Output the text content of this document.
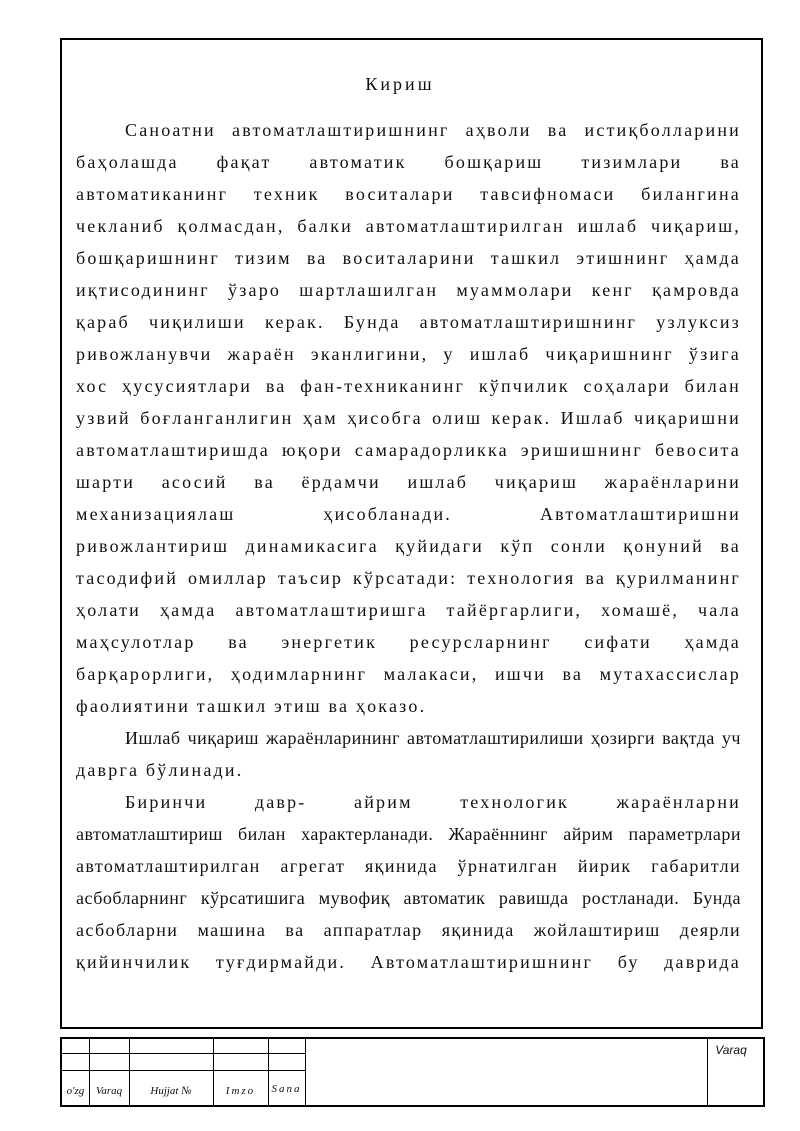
Кириш
Саноатни автоматлаштиришнинг аҳволи ва истиқболларини
баҳолашда фақат автоматик бошқариш тизимлари ва
автоматиканинг техник воситалари тавсифномаси билангина
чекланиб қолмасдан, балки автоматлаштирилган ишлаб чиқариш,
бошқаришнинг тизим ва воситаларини ташкил этишнинг ҳамда
иқтисодининг ўзаро шартлашилган муаммолари кенг қамровда
қараб чиқилиши керак. Бунда автоматлаштиришнинг узлуксиз
ривожланувчи жараён эканлигини, у ишлаб чиқаришнинг ўзига
хос ҳусусиятлари ва фан-техниканинг кўпчилик соҳалари билан
узвий боғланганлигин ҳам ҳисобга олиш керак. Ишлаб чиқаришни
автоматлаштиришда юқори самарадорликка эришишнинг бевосита
шарти асосий ва ёрдамчи ишлаб чиқариш жараёнларини
механизациялаш ҳисобланади. Автоматлаштиришни
ривожлантириш динамикасига қуйидаги кўп сонли қонуний ва
тасодифий омиллар таъсир кўрсатади: технология ва қурилманинг
ҳолати ҳамда автоматлаштиришга тайёргарлиги, хомашё, чала
маҳсулотлар ва энергетик ресурсларнинг сифати ҳамда
барқарорлиги, ҳодимларнинг малакаси, ишчи ва мутахассислар
фаолиятини ташкил этиш ва ҳоказо.
Ишлаб чиқариш жараёнларининг автоматлаштирилиши ҳозирги вақтда уч
даврга бўлинади.
Биринчи давр- айрим технологик жараёнларни
автоматлаштириш билан характерланади. Жараённинг айрим параметрлари
автоматлаштирилган агрегат яқинида ўрнатилган йирик габаритли
асбобларнинг кўрсатишига мувофиқ автоматик равишда ростланади. Бунда
асбобларни машина ва аппаратлар яқинида жойлаштириш деярли
қийинчилик туғдирмайди. Автоматлаштиришнинг бу даврида
o'zg	Varaq	Hujjat №	Imzo	Sana
Varaq
